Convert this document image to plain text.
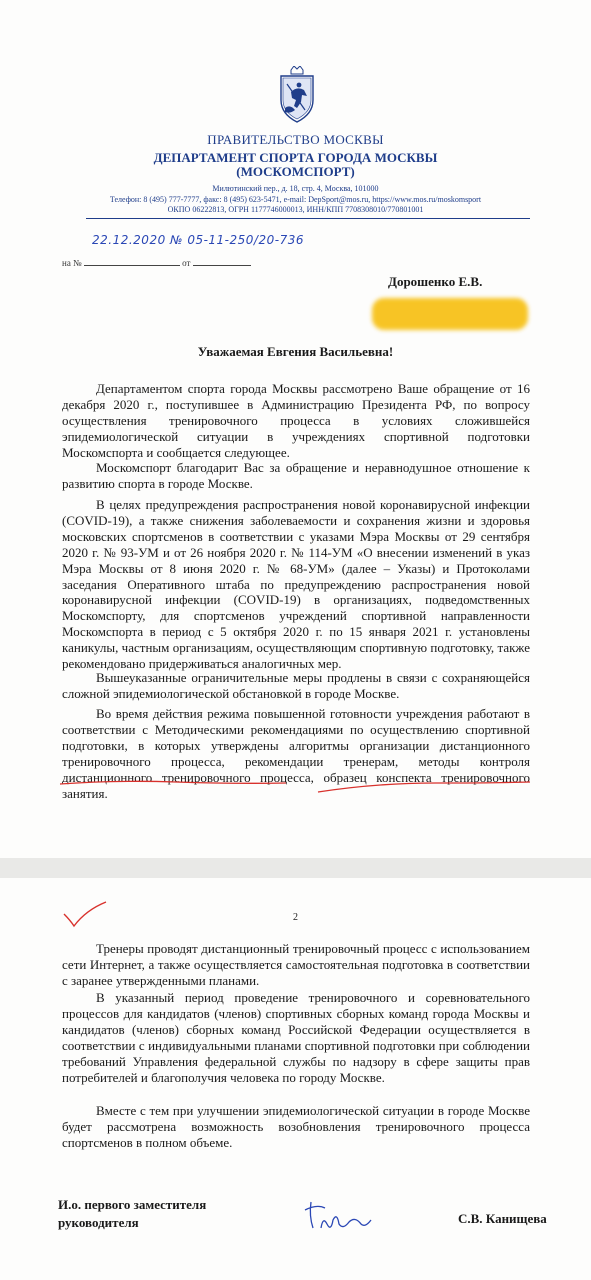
ПРАВИТЕЛЬСТВО МОСКВЫ
ДЕПАРТАМЕНТ СПОРТА ГОРОДА МОСКВЫ
(МОСКОМСПОРТ)
Милютинский пер., д. 18, стр. 4, Москва, 101000
Телефон: 8 (495) 777-7777, факс: 8 (495) 623-5471, e-mail: DepSport@mos.ru, https://www.mos.ru/moskomsport
ОКПО 06222813, ОГРН 1177746000013, ИНН/КПП 7708308010/770801001
22.12.2020 № 05-11-250/20-736
на №	от
Дорошенко Е.В.
Уважаемая Евгения Васильевна!

Департаментом спорта города Москвы рассмотрено Ваше обращение от 16 декабря 2020 г., поступившее в Администрацию Президента РФ, по вопросу осуществления тренировочного процесса в условиях сложившейся эпидемиологической ситуации в учреждениях спортивной подготовки Москомспорта и сообщается следующее.

Москомспорт благодарит Вас за обращение и неравнодушное отношение к развитию спорта в городе Москве.

В целях предупреждения распространения новой коронавирусной инфекции (COVID-19), а также снижения заболеваемости и сохранения жизни и здоровья московских спортсменов в соответствии с указами Мэра Москвы от 29 сентября 2020 г. № 93-УМ и от 26 ноября 2020 г. № 114-УМ «О внесении изменений в указ Мэра Москвы от 8 июня 2020 г. № 68-УМ» (далее – Указы) и Протоколами заседания Оперативного штаба по предупреждению распространения новой коронавирусной инфекции (COVID-19) в организациях, подведомственных Москомспорту, для спортсменов учреждений спортивной направленности Москомспорта в период с 5 октября 2020 г. по 15 января 2021 г. установлены каникулы, частным организациям, осуществляющим спортивную подготовку, также рекомендовано придерживаться аналогичных мер.

Вышеуказанные ограничительные меры продлены в связи с сохраняющейся сложной эпидемиологической обстановкой в городе Москве.

Во время действия режима повышенной готовности учреждения работают в соответствии с Методическими рекомендациями по осуществлению спортивной подготовки, в которых утверждены алгоритмы организации дистанционного тренировочного процесса, рекомендации тренерам, методы контроля дистанционного тренировочного процесса, образец конспекта тренировочного занятия.

2

Тренеры проводят дистанционный тренировочный процесс с использованием сети Интернет, а также осуществляется самостоятельная подготовка в соответствии с заранее утвержденными планами.

В указанный период проведение тренировочного и соревновательного процессов для кандидатов (членов) спортивных сборных команд города Москвы и кандидатов (членов) сборных команд Российской Федерации осуществляется в соответствии с индивидуальными планами спортивной подготовки при соблюдении требований Управления федеральной службы по надзору в сфере защиты прав потребителей и благополучия человека по городу Москве.

Вместе с тем при улучшении эпидемиологической ситуации в городе Москве будет рассмотрена возможность возобновления тренировочного процесса спортсменов в полном объеме.

И.о. первого заместителя
руководителя	С.В. Канищева
